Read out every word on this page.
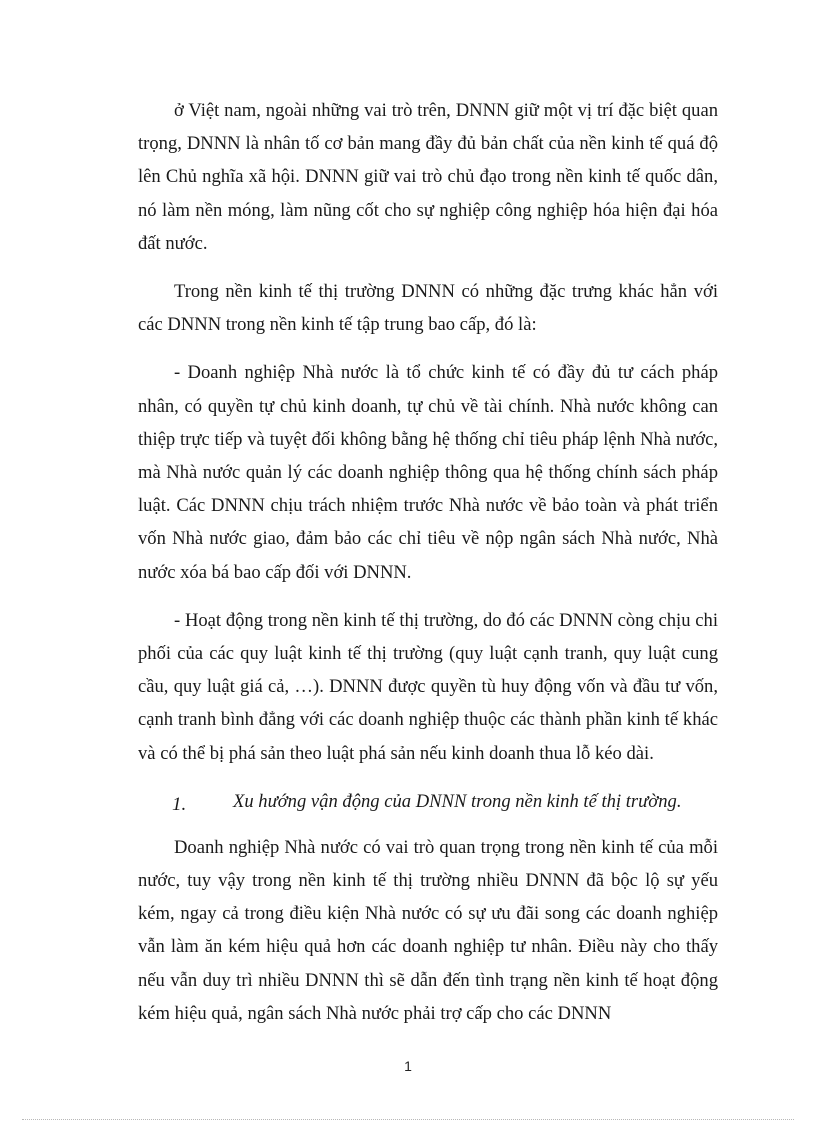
ở Việt nam, ngoài những vai trò trên, DNNN giữ một vị trí đặc biệt quan trọng, DNNN là nhân tố cơ bản mang đầy đủ bản chất của nền kinh tế quá độ lên Chủ nghĩa xã hội. DNNN giữ vai trò chủ đạo trong nền kinh tế quốc dân, nó làm nền móng, làm nũng cốt cho sự nghiệp công nghiệp hóa hiện đại hóa đất nước.

Trong nền kinh tế thị trường DNNN có những đặc trưng khác hẳn với các DNNN trong nền kinh tế tập trung bao cấp, đó là:

- Doanh nghiệp Nhà nước là tổ chức kinh tế có đầy đủ tư cách pháp nhân, có quyền tự chủ kinh doanh, tự chủ về tài chính. Nhà nước không can thiệp trực tiếp và tuyệt đối không bằng hệ thống chỉ tiêu pháp lệnh Nhà nước, mà Nhà nước quản lý các doanh nghiệp thông qua hệ thống chính sách pháp luật. Các DNNN chịu trách nhiệm trước Nhà nước về bảo toàn và phát triển vốn Nhà nước giao, đảm bảo các chỉ tiêu về nộp ngân sách Nhà nước, Nhà nước xóa bá bao cấp đối với DNNN.

- Hoạt động trong nền kinh tế thị trường, do đó các DNNN còng chịu chi phối của các quy luật kinh tế thị trường (quy luật cạnh tranh, quy luật cung cầu, quy luật giá cả, …). DNNN được quyền tù huy động vốn và đầu tư vốn, cạnh tranh bình đẳng với các doanh nghiệp thuộc các thành phần kinh tế khác và có thể bị phá sản theo luật phá sản nếu kinh doanh thua lỗ kéo dài.

1.	Xu hướng vận động của DNNN trong nền kinh tế thị trường.

Doanh nghiệp Nhà nước có vai trò quan trọng trong nền kinh tế của mỗi nước, tuy vậy trong nền kinh tế thị trường nhiều DNNN đã bộc lộ sự yếu kém, ngay cả trong điều kiện Nhà nước có sự ưu đãi song các doanh nghiệp vẫn làm ăn kém hiệu quả hơn các doanh nghiệp tư nhân. Điều này cho thấy nếu vẫn duy trì nhiều DNNN thì sẽ dẫn đến tình trạng nền kinh tế hoạt động kém hiệu quả, ngân sách Nhà nước phải trợ cấp cho các DNNN

1
